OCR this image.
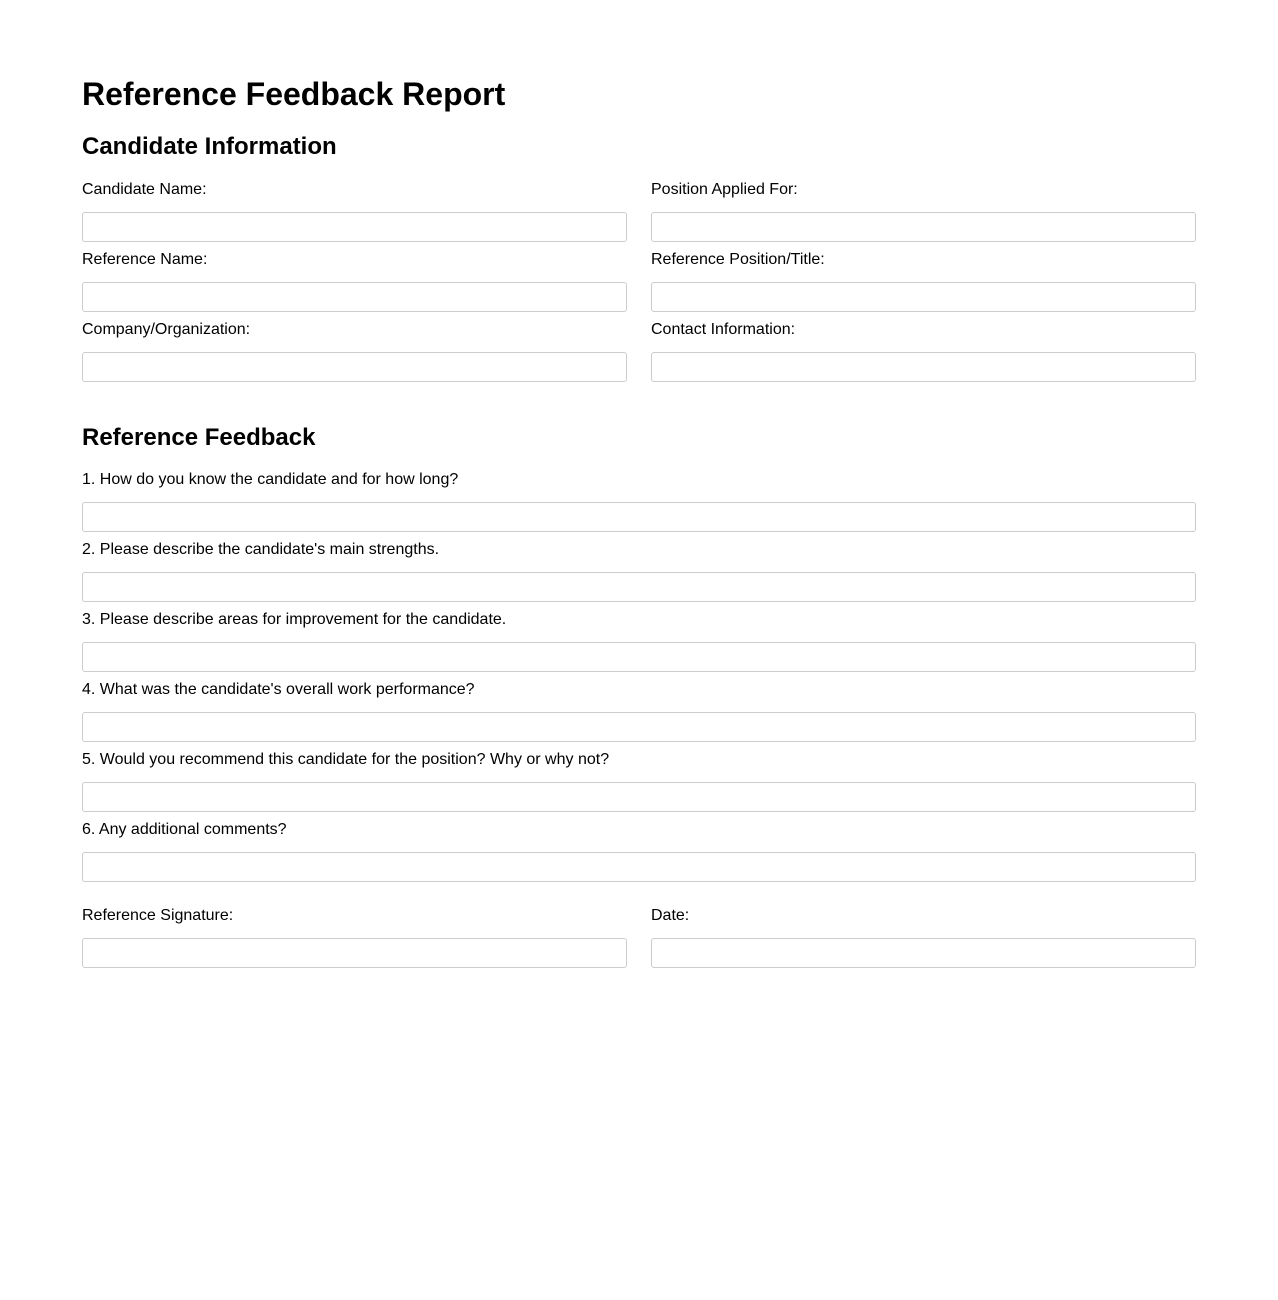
Reference Feedback Report
Candidate Information
Candidate Name:	Position Applied For:
Reference Name:	Reference Position/Title:
Company/Organization:	Contact Information:
Reference Feedback
1. How do you know the candidate and for how long?
2. Please describe the candidate's main strengths.
3. Please describe areas for improvement for the candidate.
4. What was the candidate's overall work performance?
5. Would you recommend this candidate for the position? Why or why not?
6. Any additional comments?
Reference Signature:	Date:
